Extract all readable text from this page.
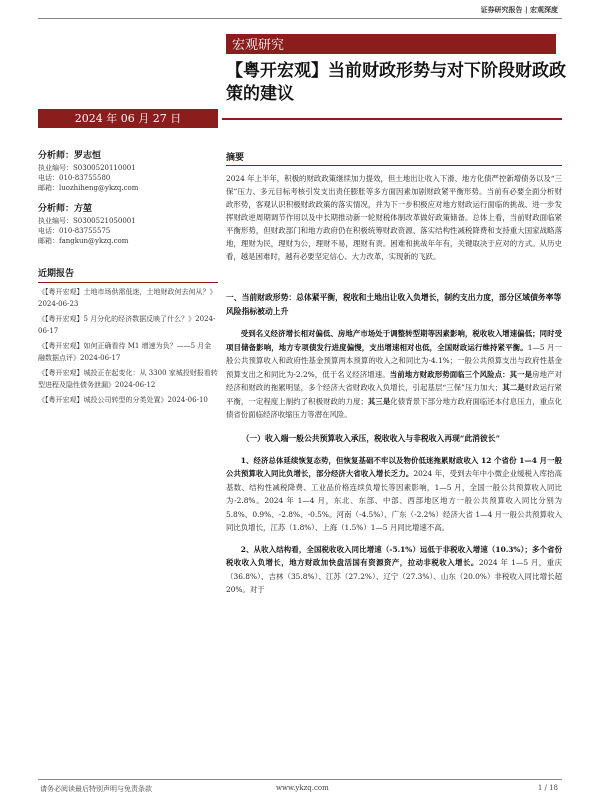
证券研究报告 | 宏观深度
宏观研究
【粤开宏观】当前财政形势与对下阶段财政政策的建议
2024 年 06 月 27 日
分析师：罗志恒
执业编号：S0300520110001
电话：010-83755580
邮箱：luozhiheng@ykzq.com
分析师：方堃
执业编号：S0300521050001
电话：010-83755575
邮箱：fangkun@ykzq.com
近期报告
《【粤开宏观】土地市场供需低迷，土地财政何去何从？》2024-06-23
《【粤开宏观】5 月分化的经济数据反映了什么？》2024-06-17
《【粤开宏观】如何正确看待 M1 增速为负？——5 月金融数据点评》2024-06-17
《【粤开宏观】城投正在起变化：从 3300 家城投财报看转型进程及隐性债务泄漏》2024-06-12
《【粤开宏观】城投公司转型的分类处置》2024-06-10
摘要
2024 年上半年，积极的财政政策继续加力提效，但土地出让收入下滑、地方化债严控新增债务以及“三保”压力、多元目标考核引发支出责任膨胀等多方面因素加剧财政紧平衡形势。当前有必要全面分析财政形势，客观认识积极财政政策的落实情况，并为下一步积极应对地方财政运行面临的挑战、进一步发挥财政逆周期调节作用以及中长期推动新一轮财税体制改革做好政策储备。总体上看，当前财政面临紧平衡形势，但财政部门和地方政府仍在积极统筹财政资源、落实结构性减税降费和支持重大国家战略落地，理财为民，理财为公，理财不易，理财有责。困难和挑战年年有，关键取决于应对的方式。从历史看，越是困难时，越有必要坚定信心、大力改革，实现新的飞跃。
一、当前财政形势：总体紧平衡，税收和土地出让收入负增长，制约支出力度，部分区域债务率等风险指标被动上升
受到名义经济增长相对偏低、房地产市场处于调整转型期等因素影响，税收收入增速偏低；同时受项目储备影响，地方专项债发行进度偏慢，支出增速相对也低，全国财政运行维持紧平衡。1—5 月一般公共预算收入和政府性基金预算两本预算的收入之和同比为-4.1%；一般公共预算支出与政府性基金预算支出之和同比为-2.2%，低于名义经济增速。当前地方财政形势面临三个风险点：其一是房地产对经济和财政的拖累明显，多个经济大省财政收入负增长，引起基层“三保”压力加大；其二是财政运行紧平衡，一定程度上制约了积极财政的力度；其三是化债背景下部分地方政府面临还本付息压力，重点化债省份面临经济收缩压力等潜在风险。
（一）收入端一般公共预算收入承压，税收收入与非税收入再现“此消彼长”
1、经济总体延续恢复态势，但恢复基础不牢以及物价低迷拖累财政收入 12 个省份 1—4 月一般公共预算收入同比负增长，部分经济大省收入增长乏力。2024 年，受到去年中小微企业缓税入库抬高基数、结构性减税降费、工业品价格连续负增长等因素影响，1—5 月，全国一般公共预算收入同比为-2.8%。2024 年 1—4 月，东北、东部、中部、西部地区地方一般公共预算收入同比分别为 5.8%、0.9%、-2.8%、-0.5%。河南（-4.5%）、广东（-2.2%）经济大省 1—4 月一般公共预算收入同比负增长，江苏（1.8%）、上海（1.5%）1—5 月同比增速不高。
2、从收入结构看，全国税收收入同比增速（-5.1%）远低于非税收入增速（10.3%）；多个省份税收收入负增长，地方财政加快盘活国有资源资产，拉动非税收入增长。2024 年 1—5 月，重庆（36.8%）、吉林（35.8%）、江苏（27.2%）、辽宁（27.3%）、山东（20.0%）非税收入同比增长超 20%。对于
请务必阅读最后特别声明与免责条款	www.ykzq.com	1 / 18
